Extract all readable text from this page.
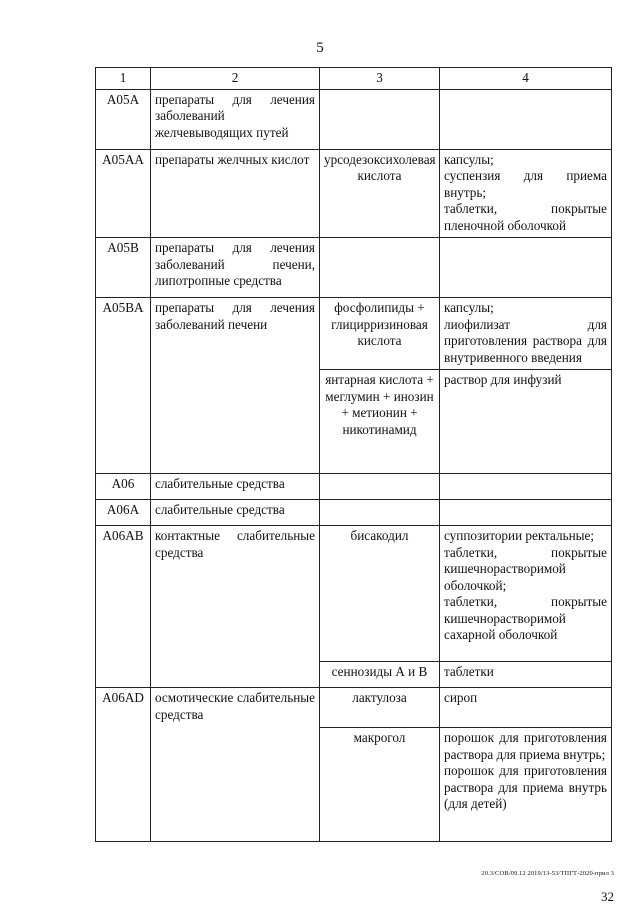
5
1	2	3	4
A05A	препараты для лечения заболеваний желчевыводящих путей		
A05AA	препараты желчных кислот	урсодезоксихолевая кислота	капсулы;
суспензия для приема внутрь;
таблетки, покрытые пленочной оболочкой

A05B	препараты для лечения заболеваний печени, липотропные средства		
A05BA	препараты для лечения заболеваний печени	фосфолипиды + глицирризиновая кислота	капсулы;
лиофилизат для приготовления раствора для внутривенного введения

		янтарная кислота + меглумин + инозин + метионин + никотинамид	раствор для инфузий

A06	слабительные средства		
A06A	слабительные средства		
A06AB	контактные слабительные средства	бисакодил	суппозитории ректальные;
таблетки, покрытые кишечнорастворимой оболочкой;
таблетки, покрытые кишечнорастворимой сахарной оболочкой

		сеннозиды А и В	таблетки

A06AD	осмотические слабительные средства	лактулоза	сироп

		макрогол	порошок для приготовления раствора для приема внутрь;
порошок для приготовления раствора для приема внутрь (для детей)
20.3/СОВ/09.12 2019/13-53/ТПГТ-2020-прил 3
32
